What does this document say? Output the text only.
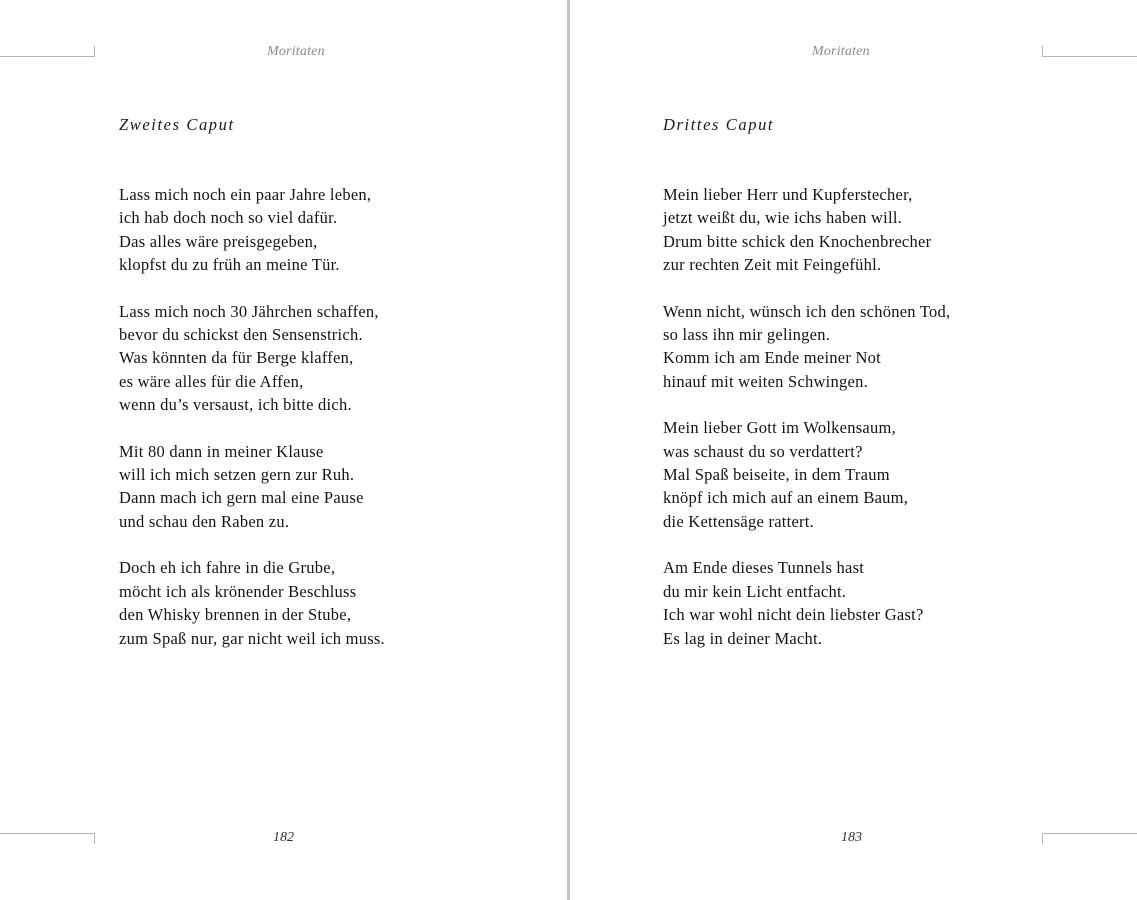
Moritaten
Zweites Caput
Lass mich noch ein paar Jahre leben,
ich hab doch noch so viel dafür.
Das alles wäre preisgegeben,
klopfst du zu früh an meine Tür.
Lass mich noch 30 Jährchen schaffen,
bevor du schickst den Sensenstrich.
Was könnten da für Berge klaffen,
es wäre alles für die Affen,
wenn du’s versaust, ich bitte dich.
Mit 80 dann in meiner Klause
will ich mich setzen gern zur Ruh.
Dann mach ich gern mal eine Pause
und schau den Raben zu.
Doch eh ich fahre in die Grube,
möcht ich als krönender Beschluss
den Whisky brennen in der Stube,
zum Spaß nur, gar nicht weil ich muss.
182
Moritaten
Drittes Caput
Mein lieber Herr und Kupferstecher,
jetzt weißt du, wie ichs haben will.
Drum bitte schick den Knochenbrecher
zur rechten Zeit mit Feingefühl.
Wenn nicht, wünsch ich den schönen Tod,
so lass ihn mir gelingen.
Komm ich am Ende meiner Not
hinauf mit weiten Schwingen.
Mein lieber Gott im Wolkensaum,
was schaust du so verdattert?
Mal Spaß beiseite, in dem Traum
knöpf ich mich auf an einem Baum,
die Kettensäge rattert.
Am Ende dieses Tunnels hast
du mir kein Licht entfacht.
Ich war wohl nicht dein liebster Gast?
Es lag in deiner Macht.
183
